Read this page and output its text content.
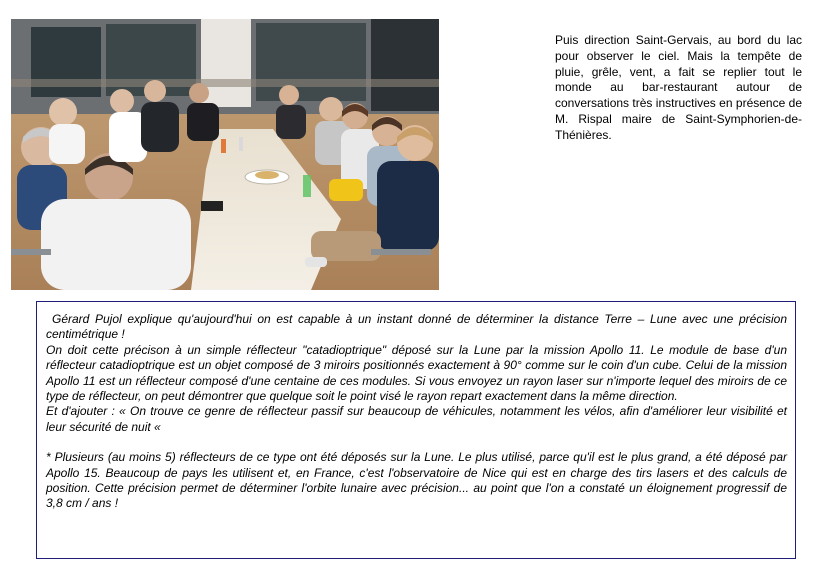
Puis direction Saint-Gervais, au bord du lac pour observer le ciel. Mais la tempête de pluie, grêle, vent, a fait se replier tout le monde au bar-restaurant autour de conversations très instructives en présence de M. Rispal maire de Saint-Symphorien-de-Thénières.

Gérard Pujol explique qu'aujourd'hui on est capable à un instant donné de déterminer la distance Terre – Lune avec une précision centimétrique !

On doit cette précison à un simple réflecteur "catadioptrique" déposé sur la Lune par la mission Apollo 11. Le module de base d'un réflecteur catadioptrique est un objet composé de 3 miroirs positionnés exactement à 90° comme sur le coin d'un cube. Celui de la mission Apollo 11 est un réflecteur composé d'une centaine de ces modules. Si vous envoyez un rayon laser sur n'importe lequel des miroirs de ce type de réflecteur, on peut démontrer que quelque soit le point visé le rayon repart exactement dans la même direction.

Et d'ajouter : « On trouve ce genre de réflecteur passif sur beaucoup de véhicules, notamment les vélos, afin d'améliorer leur visibilité et leur sécurité de nuit «

* Plusieurs (au moins 5) réflecteurs de ce type ont été déposés sur la Lune. Le plus utilisé, parce qu'il est le plus grand, a été déposé par Apollo 15. Beaucoup de pays les utilisent et, en France, c'est l'observatoire de Nice qui est en charge des tirs lasers et des calculs de position. Cette précision permet de déterminer l'orbite lunaire avec précision... au point que l'on a constaté un éloignement progressif de 3,8 cm / ans !
